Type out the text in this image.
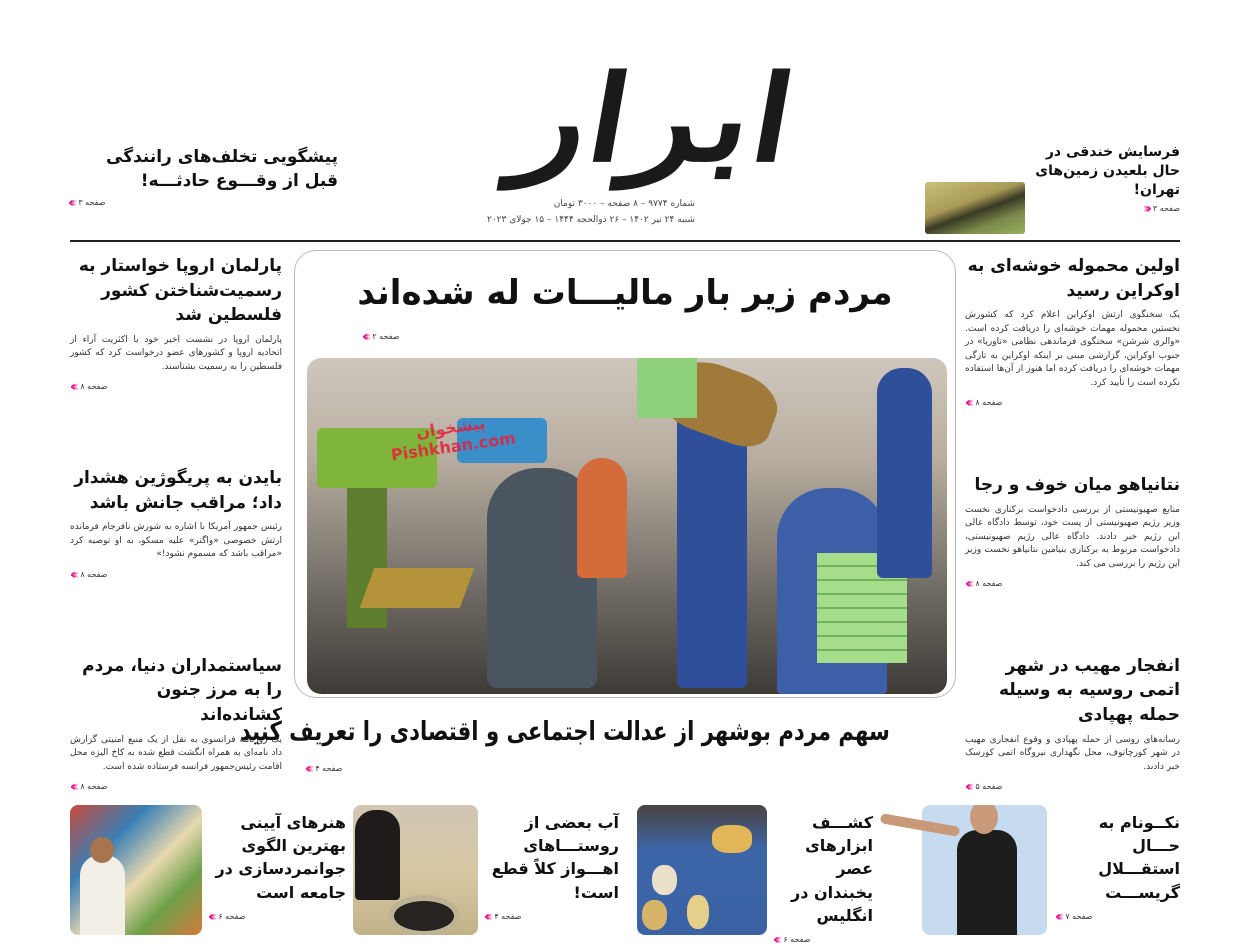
ابرار
شماره ۹۷۷۴ – ۸ صفحه – ۳۰۰۰ تومان
شنبه ۲۴ تیر ۱۴۰۲ – ۲۶ ذوالحجه ۱۴۴۴ – ۱۵ جولای ۲۰۲۳
فرسایش خندقی در حال بلعیدن زمین‌های تهران!
صفحه ۳
‹‹‹
پیشگویی تخلف‌های رانندگی قبل از وقـــوع حادثـــه!
‹‹‹ صفحه ۳
اولین محموله خوشه‌ای به اوکراین رسید
یک سخنگوی ارتش اوکراین اعلام کرد که کشورش نخستین محموله مهمات خوشه‌ای را دریافت کرده است. «والری شرشن» سخنگوی فرماندهی نظامی «تاوریا» در جنوب اوکراین، گزارشی مبنی بر اینکه اوکراین به تازگی مهمات خوشه‌ای را دریافت کرده اما هنوز از آن‌ها استفاده نکرده است را تأیید کرد.
‹‹‹ صفحه ۸
نتانیاهو میان خوف و رجا
منابع صهیونیستی از بررسی دادخواست برکناری نخست وزیر رژیم صهیونیستی از پست خود، توسط دادگاه عالی این رژیم خبر دادند. دادگاه عالی رژیم صهیونیستی، دادخواست مربوط به برکناری بنیامین نتانیاهو نخست وزیر این رژیم را بررسی می کند.
‹‹‹ صفحه ۸
انفجار مهیب در شهر اتمی روسیه به وسیله حمله پهپادی
رسانه‌های روسی از حمله پهپادی و وقوع انفجاری مهیب در شهر کورچاتوف، محل نگهداری نیروگاه اتمی کورسک خبر دادند.
‹‹‹ صفحه ۵
پارلمان اروپا خواستار به رسمیت‌شناختن کشور فلسطین شد
پارلمان اروپا در نشست اخیر خود با اکثریت آراء از اتحادیه اروپا و کشورهای عضو درخواست کرد که کشور فلسطین را به رسمیت بشناسند.
‹‹‹ صفحه ۸
بایدن به پریگوژین هشدار داد؛ مراقب جانش باشد
رئیس جمهور آمریکا با اشاره به شورش نافرجام فرمانده ارتش خصوصی «واگنر» علیه مسکو، به او توصیه کرد «مراقب باشد که مسموم نشود!»
‹‹‹ صفحه ۸
سیاستمداران دنیا، مردم را به مرز جنون کشانده‌اند
یک روزنامه فرانسوی به نقل از یک منبع امنیتی گزارش داد نامه‌ای به همراه انگشت قطع شده به کاخ الیزه محل اقامت رئیس‌جمهور فرانسه فرستاده شده است.
‹‹‹ صفحه ۸
مردم زیر بار مالیـــات له شده‌اند
‹‹‹ صفحه ۲
پیشخوان Pishkhan.com
سهم مردم بوشهر از عدالت اجتماعی و اقتصادی را تعریف کنید
‹‹‹ صفحه ۴
نکــونام به حـــال استقـــلال گریســـت
‹‹‹ صفحه ۷
کشـــف ابزارهای عصر یخبندان در انگلیس
‹‹‹ صفحه ۶
آب بعضی از روستـــاهای اهـــواز کلاً قطع است!
‹‹‹ صفحه ۴
هنرهای آیینی بهترین الگوی جوانمردسازی در جامعه است
‹‹‹ صفحه ۶
